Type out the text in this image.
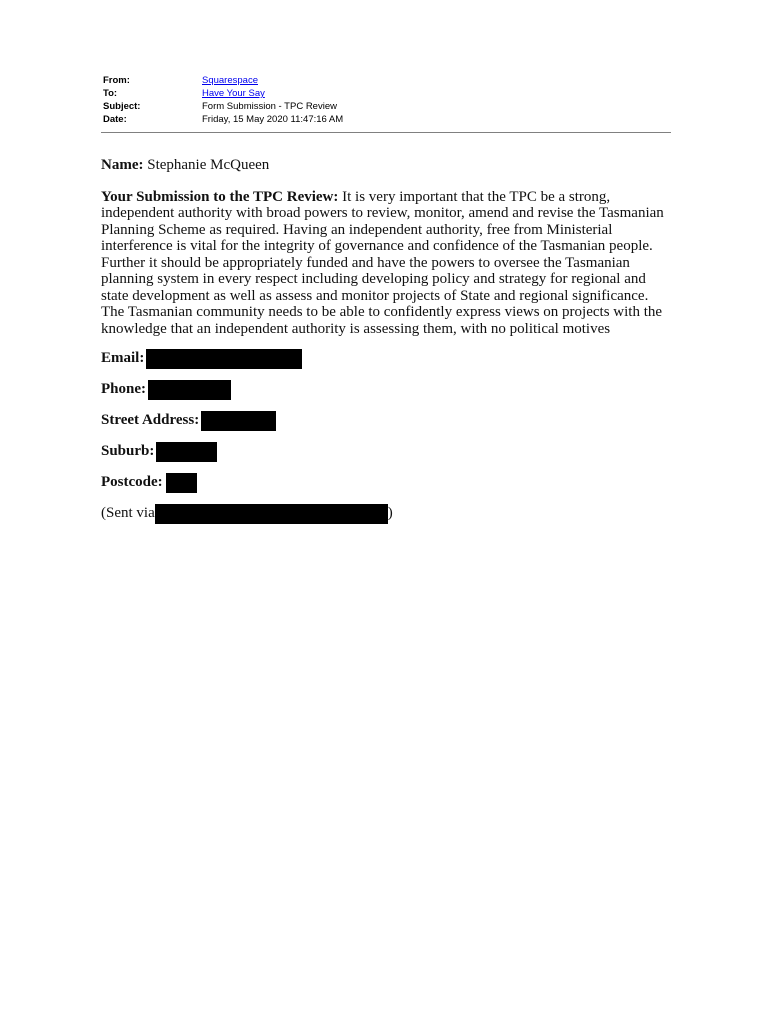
From:	Squarespace
To:	Have Your Say
Subject:	Form Submission - TPC Review
Date:	Friday, 15 May 2020 11:47:16 AM

Name: Stephanie McQueen

Your Submission to the TPC Review: It is very important that the TPC be a strong, independent authority with broad powers to review, monitor, amend and revise the Tasmanian Planning Scheme as required. Having an independent authority, free from Ministerial interference is vital for the integrity of governance and confidence of the Tasmanian people. Further it should be appropriately funded and have the powers to oversee the Tasmanian planning system in every respect including developing policy and strategy for regional and state development as well as assess and monitor projects of State and regional significance. The Tasmanian community needs to be able to confidently express views on projects with the knowledge that an independent authority is assessing them, with no political motives

Email:
Phone:
Street Address:
Suburb:
Postcode:
(Sent via	)
